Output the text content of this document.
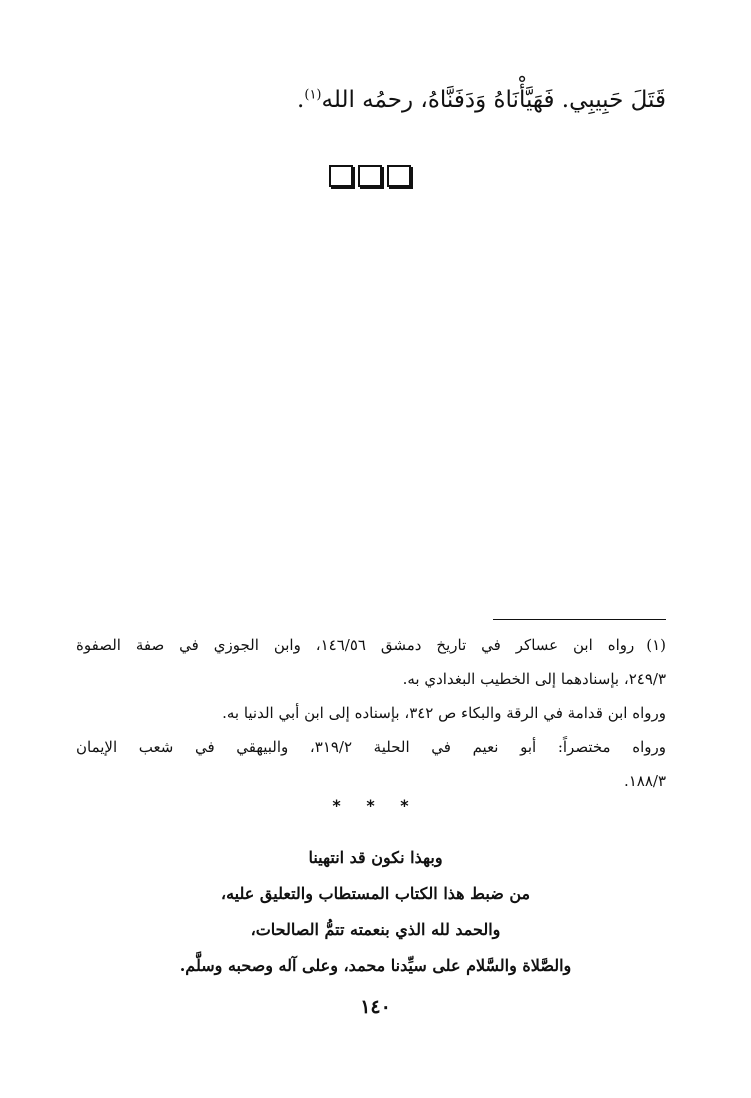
قَتَلَ حَبِيبِي. فَهَيَّأْنَاهُ وَدَفَنَّاهُ، رحمُه الله$^{(١)}$.
(١)رواه ابن عساكر في تاريخ دمشق ١٤٦/٥٦، وابن الجوزي في صفة الصفوة
٢٤٩/٣، بإسنادهما إلى الخطيب البغدادي به.
ورواه ابن قدامة في الرقة والبكاء ص ٣٤٢، بإسناده إلى ابن أبي الدنيا به.
ورواه مختصراً: أبو نعيم في الحلية ٣١٩/٢، والبيهقي في شعب الإيمان
١٨٨/٣.
* * *
وبهذا نكون قد انتهينا
من ضبط هذا الكتاب المستطاب والتعليق عليه،
والحمد لله الذي بنعمته تتمُّ الصالحات،
والصَّلاة والسَّلام على سيِّدنا محمد، وعلى آله وصحبه وسلَّم.
١٤٠
